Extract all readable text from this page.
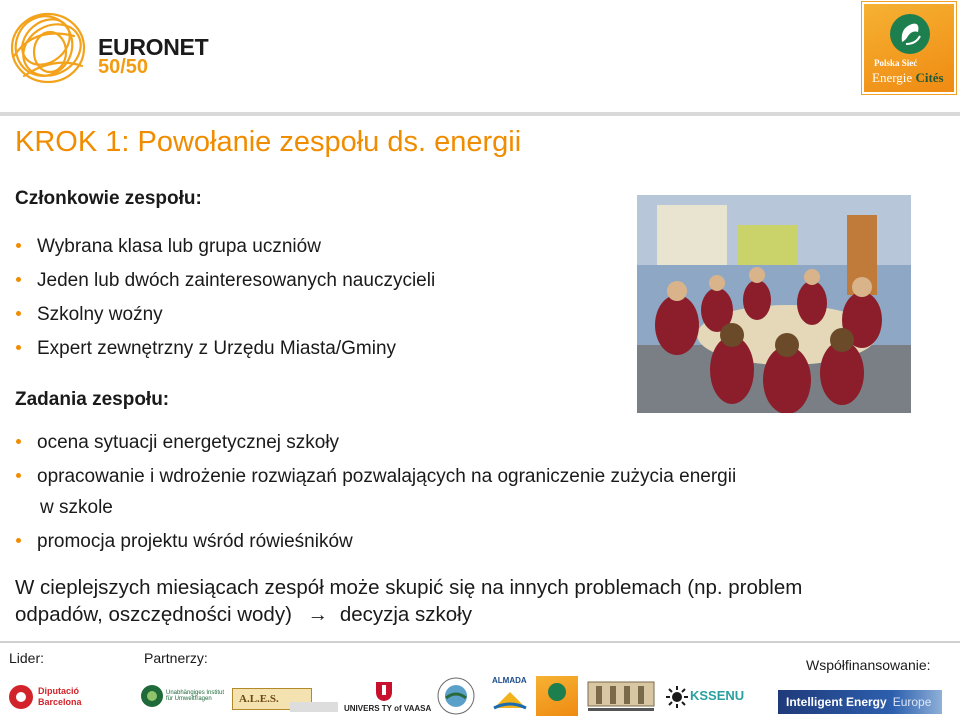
EURONET
50/50	Polska Sieć
Energie Cités
KROK 1: Powołanie zespołu ds. energii
Członkowie zespołu:
Wybrana klasa lub grupa uczniów
Jeden lub dwóch zainteresowanych nauczycieli
Szkolny woźny
Expert zewnętrzny z Urzędu Miasta/Gminy
Zadania zespołu:
ocena sytuacji energetycznej szkoły
opracowanie i wdrożenie rozwiązań pozwalających na ograniczenie zużycia energii
promocja projektu wśród rówieśników
w szkole
W cieplejszych miesiącach zespół może skupić się na innych problemach (np. problem
odpadów, oszczędności wody) → decyzja szkoły
Lider:	Partnerzy:	Współfinansowanie:
Diputació
Barcelona
Unabhängiges Institut für Umweltfragen	A.L.E.S.
UNIVERS TY of VAASA
ALMADA
KSSENU	Intelligent Energy Europe
